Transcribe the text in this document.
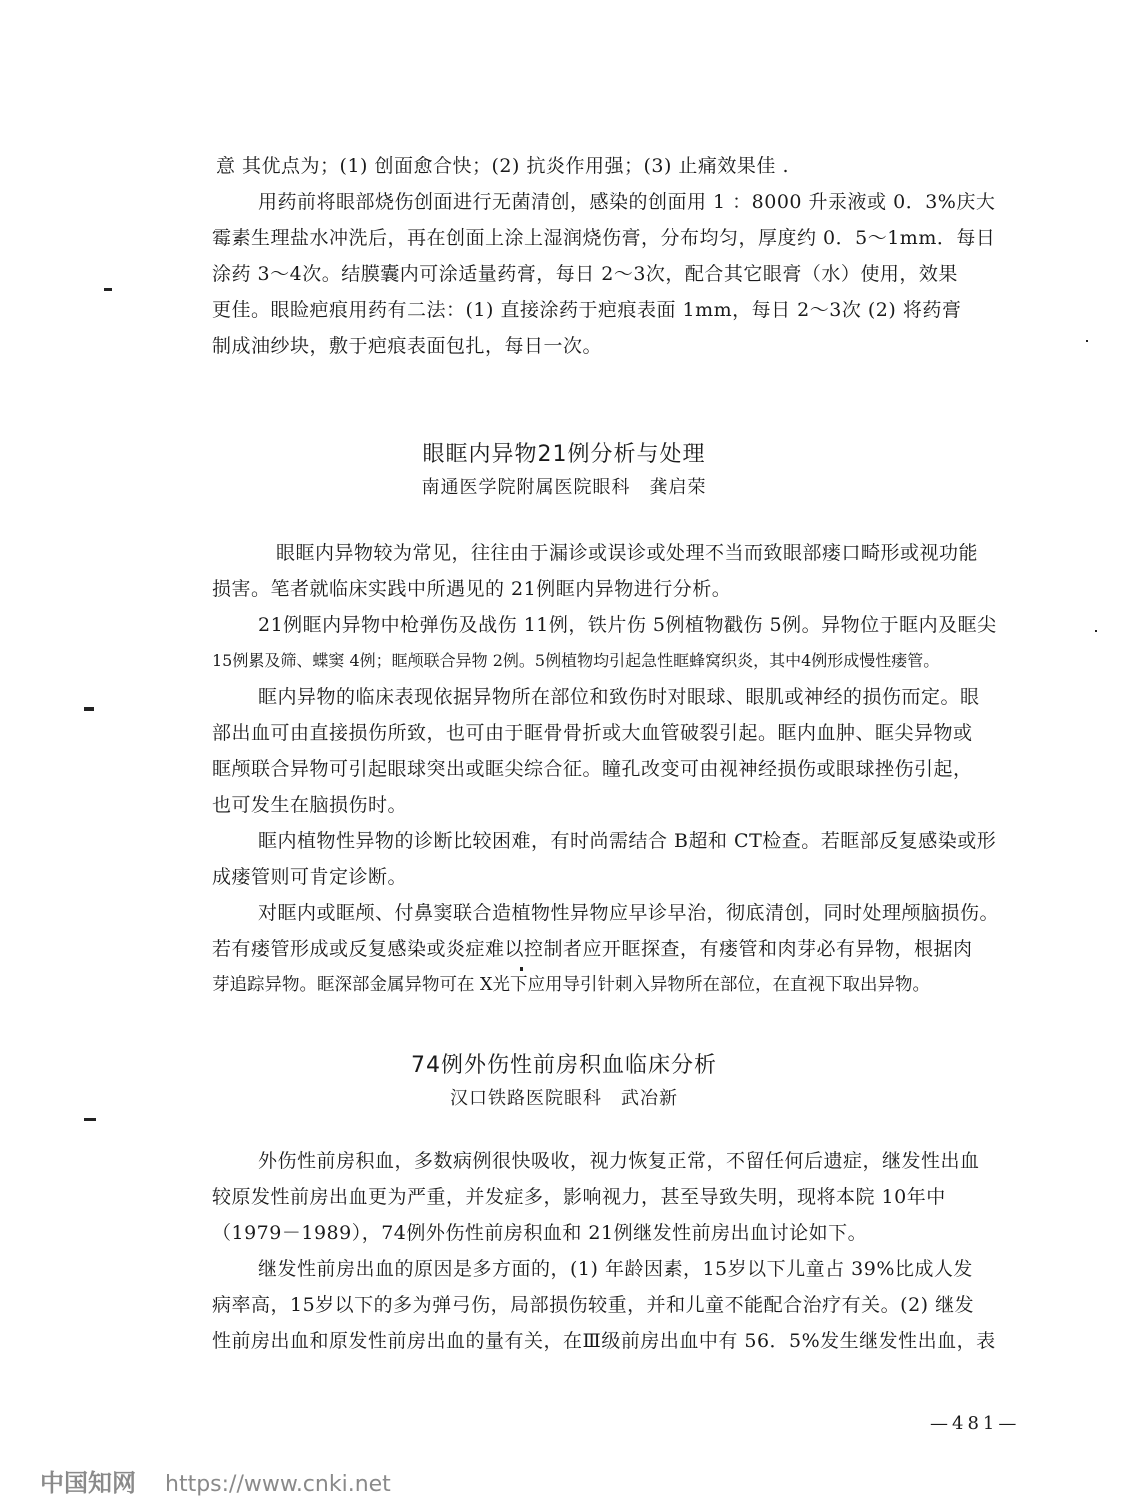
意 其优点为；(1) 创面愈合快；(2) 抗炎作用强；(3) 止痛效果佳 .
用药前将眼部烧伤创面进行无菌清创，感染的创面用 1 ：8000 升汞液或 0．3%庆大
霉素生理盐水冲洗后，再在创面上涂上湿润烧伤膏，分布均匀，厚度约 0．5～1mm．每日
涂药 3～4次。结膜囊内可涂适量药膏，每日 2～3次，配合其它眼膏（水）使用，效果
更佳。眼睑疤痕用药有二法：(1) 直接涂药于疤痕表面 1mm，每日 2～3次 (2) 将药膏
制成油纱块，敷于疤痕表面包扎，每日一次。
眼眶内异物21例分析与处理
南通医学院附属医院眼科　龚启荣
眼眶内异物较为常见，往往由于漏诊或误诊或处理不当而致眼部瘘口畸形或视功能
损害。笔者就临床实践中所遇见的 21例眶内异物进行分析。
21例眶内异物中枪弹伤及战伤 11例，铁片伤 5例植物戳伤 5例。异物位于眶内及眶尖
15例累及筛、蝶窦 4例；眶颅联合异物 2例。5例植物均引起急性眶蜂窝织炎，其中4例形成慢性瘘管。
眶内异物的临床表现依据异物所在部位和致伤时对眼球、眼肌或神经的损伤而定。眼
部出血可由直接损伤所致，也可由于眶骨骨折或大血管破裂引起。眶内血肿、眶尖异物或
眶颅联合异物可引起眼球突出或眶尖综合征。瞳孔改变可由视神经损伤或眼球挫伤引起，
也可发生在脑损伤时。
眶内植物性异物的诊断比较困难，有时尚需结合 B超和 CT检查。若眶部反复感染或形
成瘘管则可肯定诊断。
对眶内或眶颅、付鼻窦联合造植物性异物应早诊早治，彻底清创，同时处理颅脑损伤。
若有瘘管形成或反复感染或炎症难以控制者应开眶探查，有瘘管和肉芽必有异物，根据肉
芽追踪异物。眶深部金属异物可在 X光下应用导引针刺入异物所在部位，在直视下取出异物。
74例外伤性前房积血临床分析
汉口铁路医院眼科　武冶新
外伤性前房积血，多数病例很快吸收，视力恢复正常，不留任何后遗症，继发性出血
较原发性前房出血更为严重，并发症多，影响视力，甚至导致失明，现将本院 10年中
（1979－1989），74例外伤性前房积血和 21例继发性前房出血讨论如下。
继发性前房出血的原因是多方面的，(1) 年龄因素，15岁以下儿童占 39%比成人发
病率高，15岁以下的多为弹弓伤，局部损伤较重，并和儿童不能配合治疗有关。(2) 继发
性前房出血和原发性前房出血的量有关，在Ⅲ级前房出血中有 56．5%发生继发性出血，表
—481—
中国知网 https://www.cnki.net
